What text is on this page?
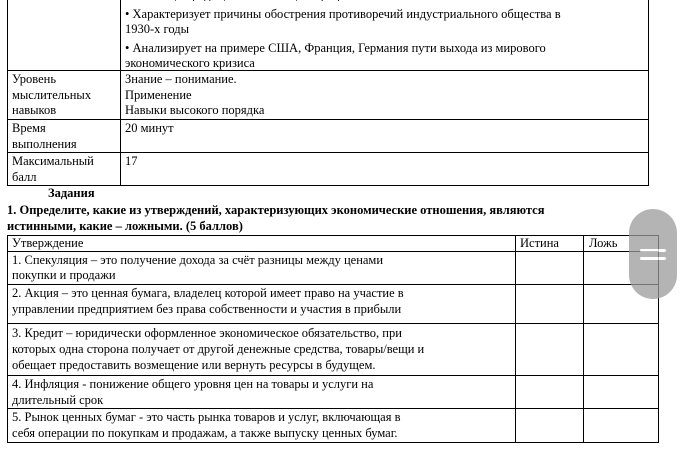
• Характеризует причины обострения противоречий индустриального общества в
1930-х годы
• Анализирует на примере США, Франция, Германия пути выхода из мирового
экономического кризиса
Уровень
мыслительных
навыков
Знание – понимание.
Применение
Навыки высокого порядка
Время
выполнения
20 минут
Максимальный
балл
17
Задания
1. Определите, какие из утверждений, характеризующих экономические отношения, являются
истинными, какие – ложными. (5 баллов)
Утверждение	Истина Ложь
1. Спекуляция – это получение дохода за счёт разницы между ценами
покупки и продажи
2. Акция – это ценная бумага, владелец которой имеет право на участие в
управлении предприятием без права собственности и участия в прибыли
3. Кредит – юридически оформленное экономическое обязательство, при
которых одна сторона получает от другой денежные средства, товары/вещи и
обещает предоставить возмещение или вернуть ресурсы в будущем.
4. Инфляция - понижение общего уровня цен на товары и услуги на
длительный срок
5. Рынок ценных бумаг - это часть рынка товаров и услуг, включающая в
себя операции по покупкам и продажам, а также выпуску ценных бумаг.
